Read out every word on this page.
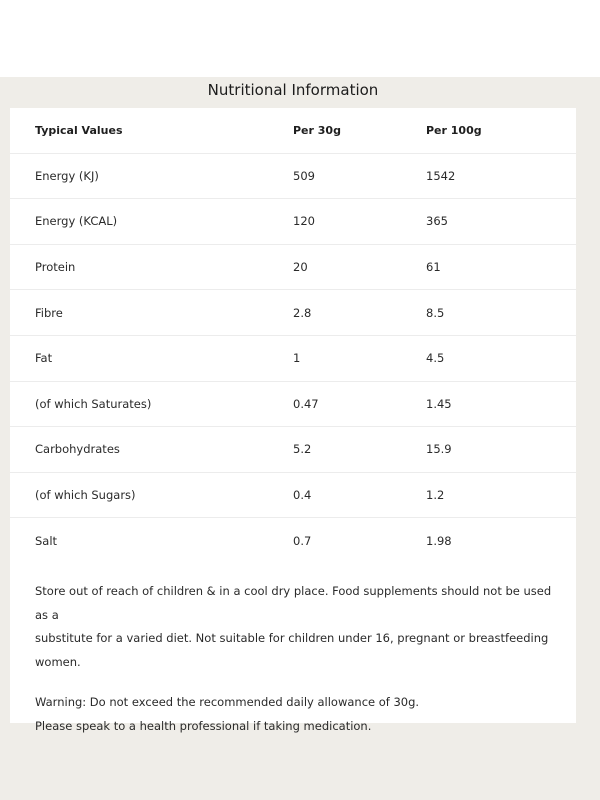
Nutritional Information
Typical Values	Per 30g	Per 100g
Energy (KJ)	509	1542
Energy (KCAL)	120	365
Protein	20	61
Fibre	2.8	8.5
Fat	1	4.5
(of which Saturates)	0.47	1.45
Carbohydrates	5.2	15.9
(of which Sugars)	0.4	1.2
Salt	0.7	1.98

Store out of reach of children & in a cool dry place. Food supplements should not be used as a

substitute for a varied diet. Not suitable for children under 16, pregnant or breastfeeding women.

Warning: Do not exceed the recommended daily allowance of 30g.

Please speak to a health professional if taking medication.
